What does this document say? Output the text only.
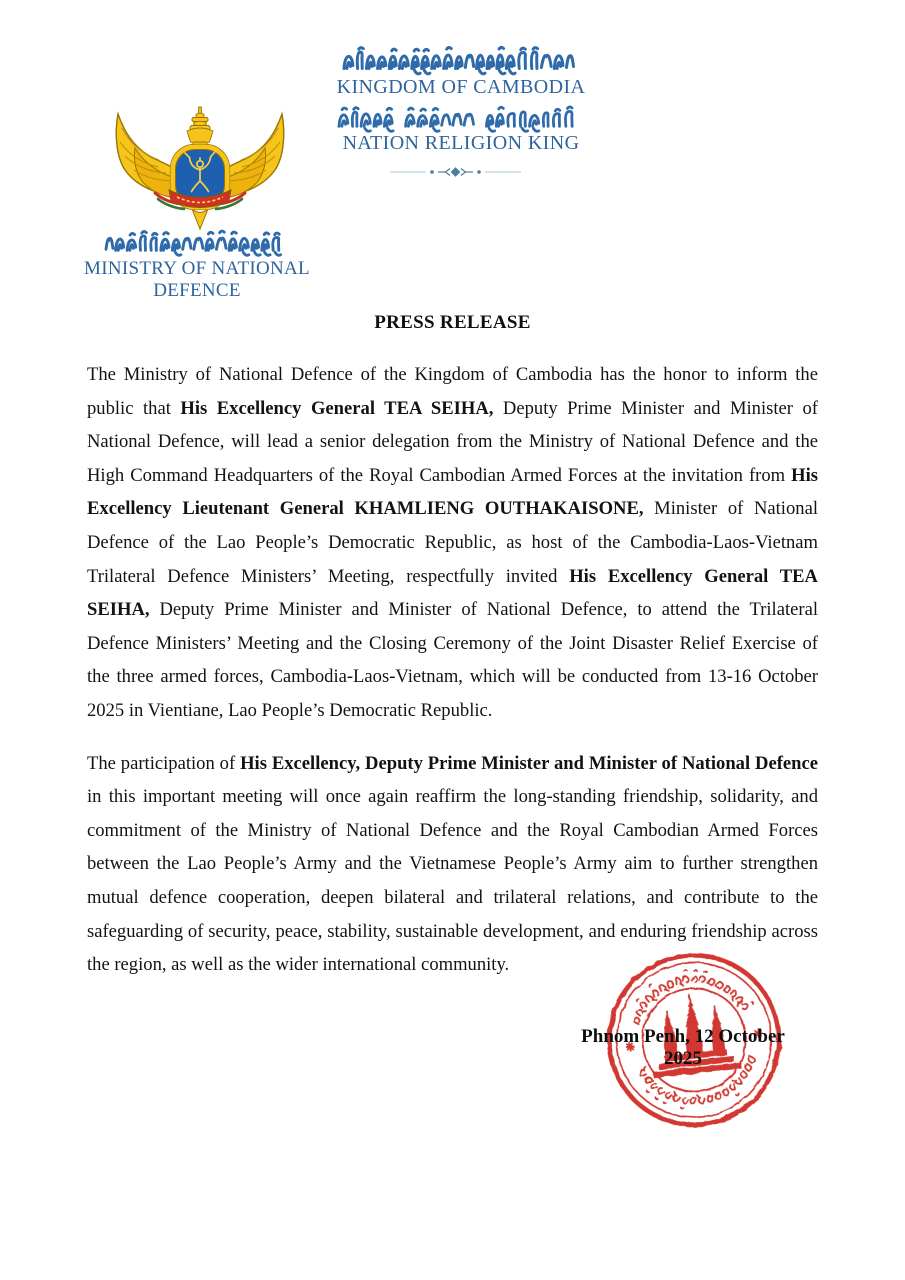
KINGDOM OF CAMBODIA
NATION RELIGION KING
MINISTRY OF NATIONAL DEFENCE
PRESS RELEASE

The Ministry of National Defence of the Kingdom of Cambodia has the honor to inform the public that His Excellency General TEA SEIHA, Deputy Prime Minister and Minister of National Defence, will lead a senior delegation from the Ministry of National Defence and the High Command Headquarters of the Royal Cambodian Armed Forces at the invitation from His Excellency Lieutenant General KHAMLIENG OUTHAKAISONE, Minister of National Defence of the Lao People’s Democratic Republic, as host of the Cambodia-Laos-Vietnam Trilateral Defence Ministers’ Meeting, respectfully invited His Excellency General TEA SEIHA, Deputy Prime Minister and Minister of National Defence, to attend the Trilateral Defence Ministers’ Meeting and the Closing Ceremony of the Joint Disaster Relief Exercise of the three armed forces, Cambodia-Laos-Vietnam, which will be conducted from 13-16 October 2025 in Vientiane, Lao People’s Democratic Republic.

The participation of His Excellency, Deputy Prime Minister and Minister of National Defence in this important meeting will once again reaffirm the long-standing friendship, solidarity, and commitment of the Ministry of National Defence and the Royal Cambodian Armed Forces between the Lao People’s Army and the Vietnamese People’s Army aim to further strengthen mutual defence cooperation, deepen bilateral and trilateral relations, and contribute to the safeguarding of security, peace, stability, sustainable development, and enduring friendship across the region, as well as the wider international community.

Phnom Penh, 12 October 2025
